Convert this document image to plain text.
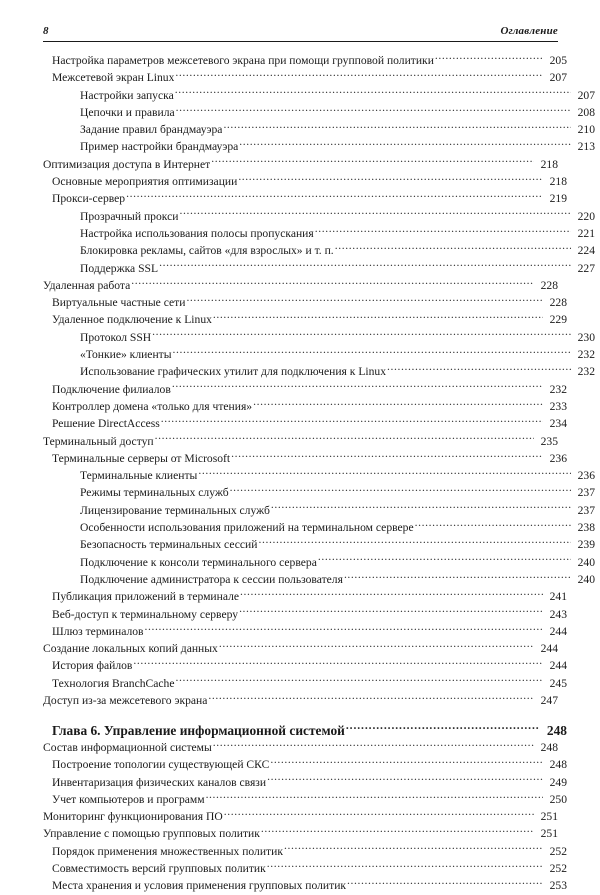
8	Оглавление
Настройка параметров межсетевого экрана при помощи групповой политики .....	205
Межсетевой экран Linux .....	207
Настройки запуска .....	207
Цепочки и правила .....	208
Задание правил брандмауэра .....	210
Пример настройки брандмауэра .....	213
Оптимизация доступа в Интернет .....	218
Основные мероприятия оптимизации .....	218
Прокси-сервер .....	219
Прозрачный прокси .....	220
Настройка использования полосы пропускания .....	221
Блокировка рекламы, сайтов «для взрослых» и т. п. .....	224
Поддержка SSL .....	227
Удаленная работа .....	228
Виртуальные частные сети .....	228
Удаленное подключение к Linux .....	229
Протокол SSH .....	230
«Тонкие» клиенты .....	232
Использование графических утилит для подключения к Linux .....	232
Подключение филиалов .....	232
Контроллер домена «только для чтения» .....	233
Решение DirectAccess .....	234
Терминальный доступ .....	235
Терминальные серверы от Microsoft .....	236
Терминальные клиенты .....	236
Режимы терминальных служб .....	237
Лицензирование терминальных служб .....	237
Особенности использования приложений на терминальном сервере .....	238
Безопасность терминальных сессий .....	239
Подключение к консоли терминального сервера .....	240
Подключение администратора к сессии пользователя .....	240
Публикация приложений в терминале .....	241
Веб-доступ к терминальному серверу .....	243
Шлюз терминалов .....	244
Создание локальных копий данных .....	244
История файлов .....	244
Технология BranchCache .....	245
Доступ из-за межсетевого экрана .....	247
Глава 6. Управление информационной системой .....	248
Состав информационной системы .....	248
Построение топологии существующей СКС .....	248
Инвентаризация физических каналов связи .....	249
Учет компьютеров и программ .....	250
Мониторинг функционирования ПО .....	251
Управление с помощью групповых политик .....	251
Порядок применения множественных политик .....	252
Совместимость версий групповых политик .....	252
Места хранения и условия применения групповых политик .....	253
